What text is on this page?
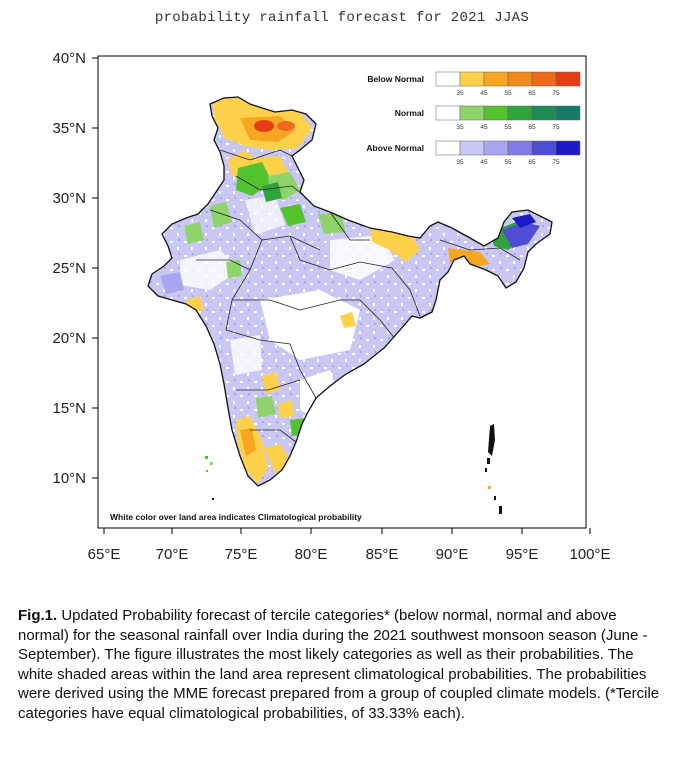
probability rainfall forecast for 2021 JJAS
40°N
35°N
30°N
25°N
20°N
15°N
10°N
65°E	70°E	75°E	80°E	85°E	90°E	95°E	100°E
Below Normal
Normal
Above Normal
35	45	55	65	75
35	45	55	65	75
35	45	55	65	75
White color over land area indicates Climatological probability
Fig.1. Updated Probability forecast of tercile categories* (below normal, normal and above normal) for the seasonal rainfall over India during the 2021 southwest monsoon season (June - September). The figure illustrates the most likely categories as well as their probabilities. The white shaded areas within the land area represent climatological probabilities. The probabilities were derived using the MME forecast prepared from a group of coupled climate models. (*Tercile categories have equal climatological probabilities, of 33.33% each).
